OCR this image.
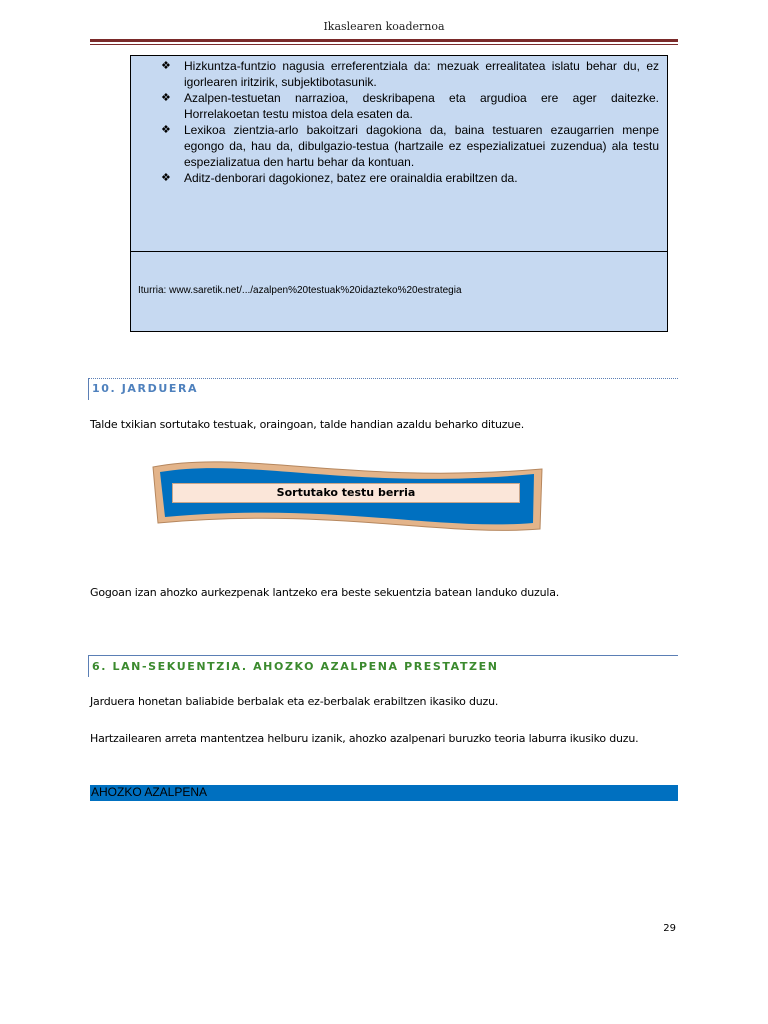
Ikaslearen koadernoa
❖ Hizkuntza-funtzio nagusia erreferentziala da: mezuak errealitatea islatu behar du, ez igorlearen iritzirik, subjektibotasunik.
❖ Azalpen-testuetan narrazioa, deskribapena eta argudioa ere ager daitezke. Horrelakoetan testu mistoa dela esaten da.
❖ Lexikoa zientzia-arlo bakoitzari dagokiona da, baina testuaren ezaugarrien menpe egongo da, hau da, dibulgazio-testua (hartzaile ez espezializatuei zuzendua) ala testu espezializatua den hartu behar da kontuan.
❖ Aditz-denborari dagokionez, batez ere orainaldia erabiltzen da.
Iturria: www.saretik.net/.../azalpen%20testuak%20idazteko%20estrategia
10. JARDUERA
Talde txikian sortutako testuak, oraingoan, talde handian azaldu beharko dituzue.
Sortutako testu berria
Gogoan izan ahozko aurkezpenak lantzeko era beste sekuentzia batean landuko duzula.
6. LAN-SEKUENTZIA. AHOZKO AZALPENA PRESTATZEN
Jarduera honetan baliabide berbalak eta ez-berbalak erabiltzen ikasiko duzu.
Hartzailearen arreta mantentzea helburu izanik, ahozko azalpenari buruzko teoria laburra ikusiko duzu.
AHOZKO AZALPENA
29
